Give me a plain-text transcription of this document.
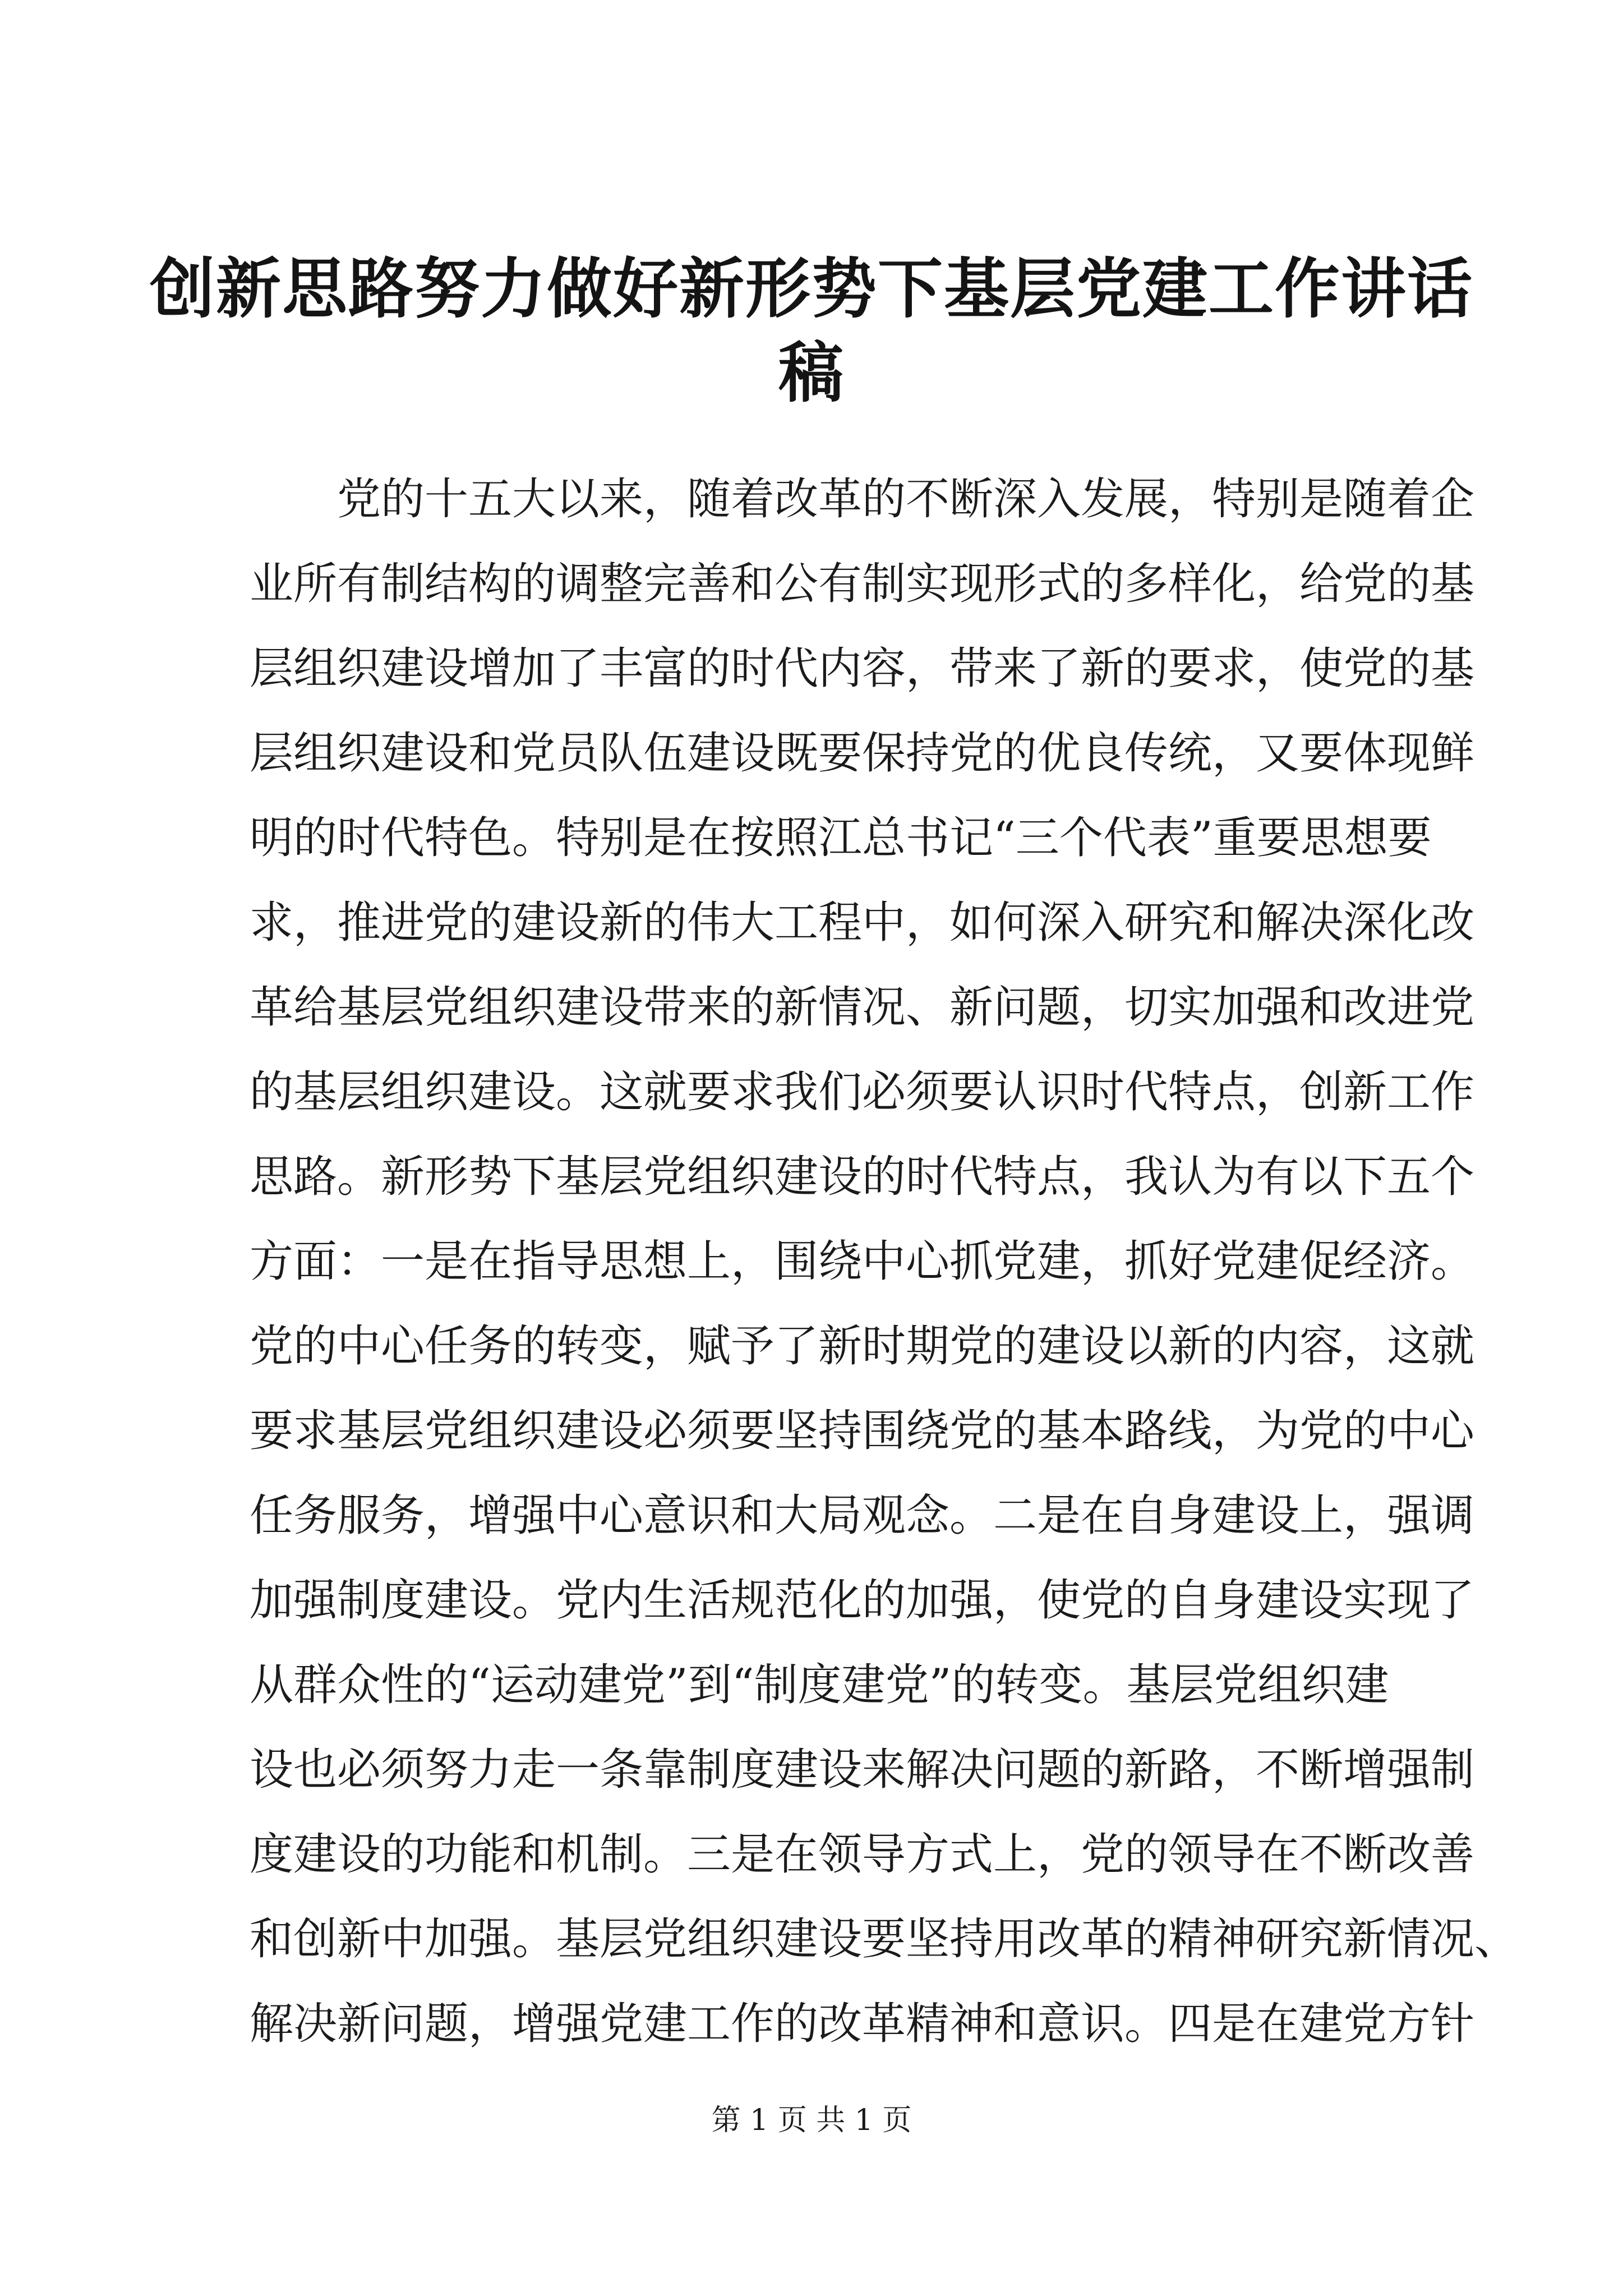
创新思路努力做好新形势下基层党建工作讲话
稿
党的十五大以来，随着改革的不断深入发展，特别是随着企
业所有制结构的调整完善和公有制实现形式的多样化，给党的基
层组织建设增加了丰富的时代内容，带来了新的要求，使党的基
层组织建设和党员队伍建设既要保持党的优良传统，又要体现鲜
明的时代特色。特别是在按照江总书记“三个代表”重要思想要
求，推进党的建设新的伟大工程中，如何深入研究和解决深化改
革给基层党组织建设带来的新情况、新问题，切实加强和改进党
的基层组织建设。这就要求我们必须要认识时代特点，创新工作
思路。新形势下基层党组织建设的时代特点，我认为有以下五个
方面：一是在指导思想上，围绕中心抓党建，抓好党建促经济。
党的中心任务的转变，赋予了新时期党的建设以新的内容，这就
要求基层党组织建设必须要坚持围绕党的基本路线，为党的中心
任务服务，增强中心意识和大局观念。二是在自身建设上，强调
加强制度建设。党内生活规范化的加强，使党的自身建设实现了
从群众性的“运动建党”到“制度建党”的转变。基层党组织建
设也必须努力走一条靠制度建设来解决问题的新路，不断增强制
度建设的功能和机制。三是在领导方式上，党的领导在不断改善
和创新中加强。基层党组织建设要坚持用改革的精神研究新情况、
解决新问题，增强党建工作的改革精神和意识。四是在建党方针
第 1 页 共 1 页
